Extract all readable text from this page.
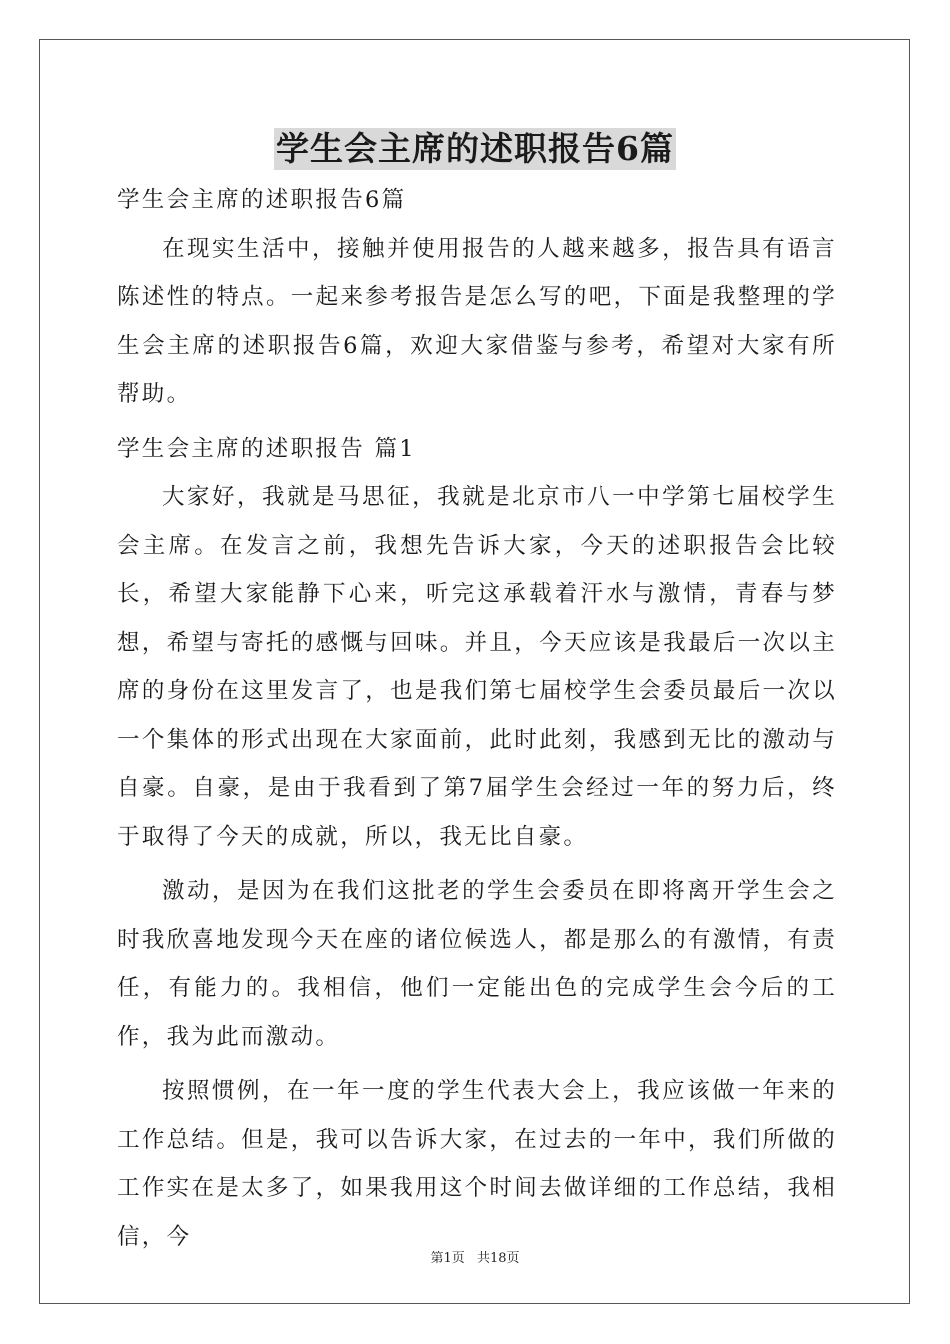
学生会主席的述职报告6篇

学生会主席的述职报告6篇

在现实生活中，接触并使用报告的人越来越多，报告具有语言陈述性的特点。一起来参考报告是怎么写的吧，下面是我整理的学生会主席的述职报告6篇，欢迎大家借鉴与参考，希望对大家有所帮助。

学生会主席的述职报告 篇1

大家好，我就是马思征，我就是北京市八一中学第七届校学生会主席。在发言之前，我想先告诉大家，今天的述职报告会比较长，希望大家能静下心来，听完这承载着汗水与激情，青春与梦想，希望与寄托的感慨与回味。并且，今天应该是我最后一次以主席的身份在这里发言了，也是我们第七届校学生会委员最后一次以一个集体的形式出现在大家面前，此时此刻，我感到无比的激动与自豪。自豪，是由于我看到了第7届学生会经过一年的努力后，终于取得了今天的成就，所以，我无比自豪。

激动，是因为在我们这批老的学生会委员在即将离开学生会之时我欣喜地发现今天在座的诸位候选人，都是那么的有激情，有责任，有能力的。我相信，他们一定能出色的完成学生会今后的工作，我为此而激动。

按照惯例，在一年一度的学生代表大会上，我应该做一年来的工作总结。但是，我可以告诉大家，在过去的一年中，我们所做的工作实在是太多了，如果我用这个时间去做详细的工作总结，我相信，今

第1页 共18页
